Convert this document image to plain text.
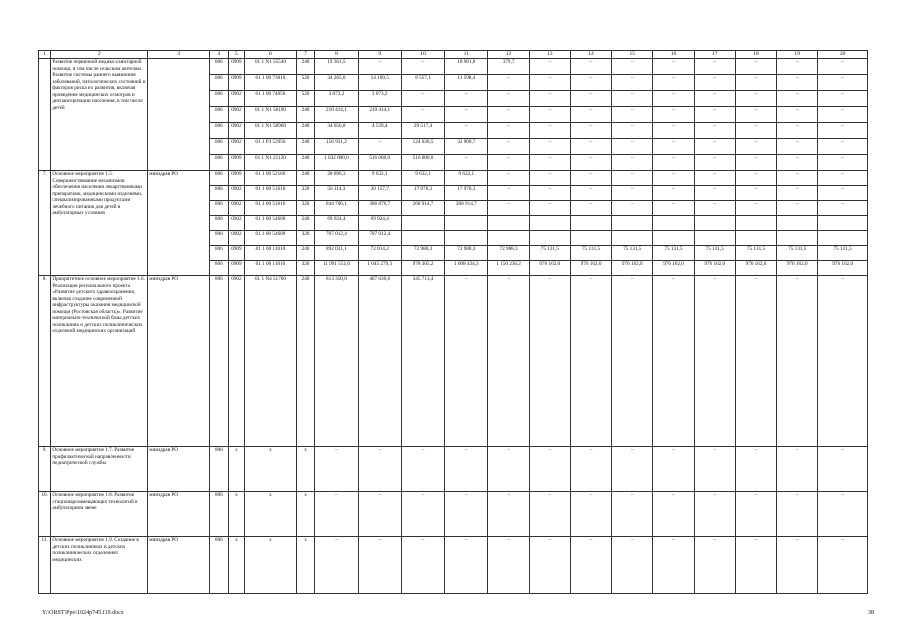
1	2	3	4	5	6	7	8	9	10	11	12	13	14	15	16	17	18	19	20
	Развитие первичной медико-санитарной помощи, в том числе сельским жителям. Развитие системы раннего выявления заболеваний, патологических состояний и факторов риска их развития, включая проведение медицинских осмотров и диспансеризации населения, в том числе детей		806	0909	01 1 N1 55540	240	19 361,5	–	–	18 981,8	379,7	–	–	–	–	–	–	–	–
			806	0909	01 1 00 73010	520	34 265,0	14 109,5	8 557,1	11 598,4	–	–	–	–	–	–	–	–	–
			806	0902	01 1 00 74050	520	3 073,2	3 073,2	–	–	–	–	–	–	–	–	–	–	–
			806	0902	01 1 N1 58190	240	210 414,1	210 414,1	–	–	–	–	–	–	–	–	–	–	–
			806	0902	01 1 N1 58960	240	34 056,8	4 539,4	29 517,4	–	–	–	–	–	–	–	–	–	–
			806	0902	01 1 P3 52950	240	156 931,2	–	124 030,5	32 900,7	–	–	–	–	–	–	–	–	–
			806	0909	01 1 N1 21120	240	1 032 000,0	516 000,0	516 000,0	–	–	–	–	–	–	–	–	–	–
7.	Основное мероприятие 1.5. Совершенствование механизмов обеспечения населения лекарственными препаратами, медицинскими изделиями, специализированными продуктами лечебного питания для детей в амбулаторных условиях	минздрав РО	806	0909	01 1 00 52160	240	28 896,3	9 632,1	9 632,1	9 632,1	–	–	–	–	–	–	–	–	–
			806	0902	01 1 00 51610	320	56 114,3	20 157,7	17 978,3	17 978,3	–	–	–	–	–	–	–	–	–
			806	0902	01 1 00 51610	320	844 706,1	306 876,7	268 914,7	268 914,7	–	–	–	–	–	–	–	–	–
			806	0902	01 1 00 54600	240	69 924,4	69 924,4											
			806	0902	01 1 00 54600	320	707 012,4	707 012,4											
			806	0909	01 1 00 11010	240	892 031,1	72 014,2	72 988,3	72 988,3	72 988,3	75 131,5	75 131,5	75 131,5	75 131,5	75 131,5	75 131,5	75 131,5	75 131,5
			806	0909	01 1 00 11010	320	11 991 551,0	1 045 279,3	978 305,2	1 008 434,3	1 150 236,2	976 162,0	976 162,0	976 162,0	976 162,0	976 162,0	976 162,0	976 162,0	976 162,0
8.	Приоритетное основное мероприятие 1.6. Реализация регионального проекта «Развитие детского здравоохранения, включая создание современной инфраструктуры оказания медицинской помощи (Ростовская область)». Развитие материально-технической базы детских поликлиник и детских поликлинических отделений медицинских организаций	минздрав РО	806	0902	01 1 N4 51700	240	813 350,0	467 636,6	345 713,4	–	–	–	–	–	–	–	–	–	–
9.	Основное мероприятие 1.7. Развитие профилактической направленности педиатрической службы	минздрав РО	806	х	х	х	–	–	–	–	–	–	–	–	–	–	–	–	–
10.	Основное мероприятие 1.8. Развитие стационарозамещающих технологий в амбулаторном звене	минздрав РО	806	х	х	х	–	–	–	–	–	–	–	–	–	–	–	–	–
11.	Основное мероприятие 1.9. Создание в детских поликлиниках и детских поликлинических отделениях медицинских	минздрав РО	806	х	х	х	–	–	–	–	–	–	–	–	–	–	–	–	–
Y:\ORST\Ppo\1024p745.f19.docx	38
